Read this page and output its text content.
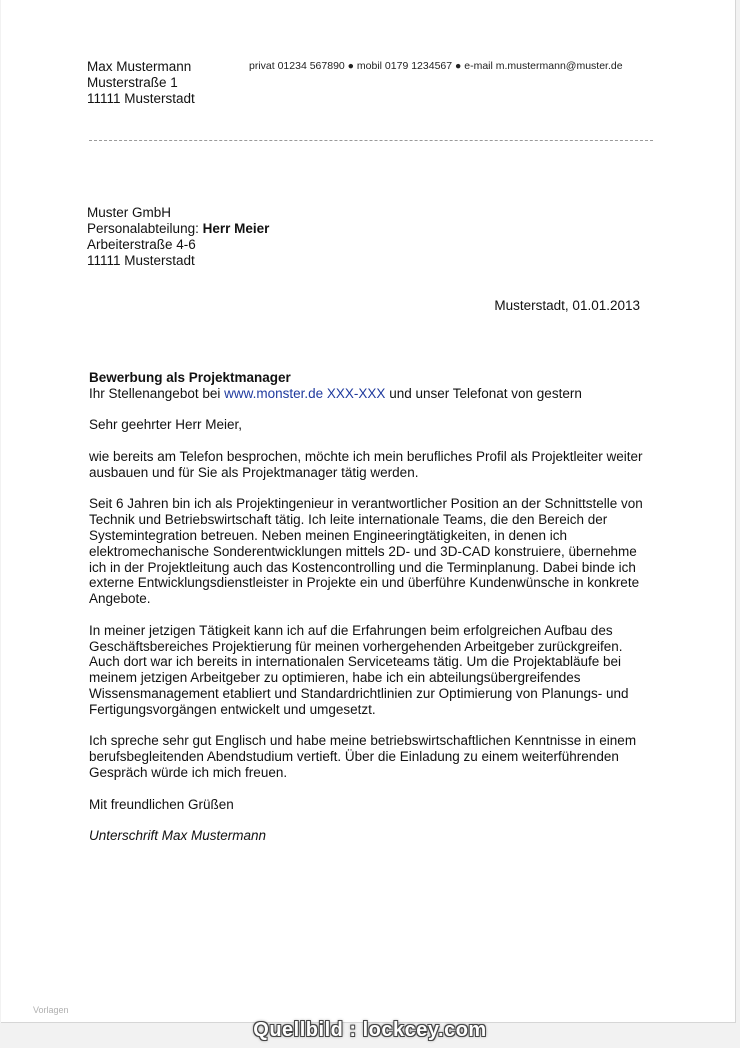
Max Mustermann
Musterstraße 1
11111 Musterstadt
privat 01234 567890 ● mobil 0179 1234567 ● e-mail m.mustermann@muster.de
Muster GmbH
Personalabteilung: Herr Meier
Arbeiterstraße 4-6
11111 Musterstadt
Musterstadt, 01.01.2013

Bewerbung als Projektmanager

Ihr Stellenangebot bei www.monster.de XXX-XXX und unser Telefonat von gestern

Sehr geehrter Herr Meier,

wie bereits am Telefon besprochen, möchte ich mein berufliches Profil als Projektleiter weiter ausbauen und für Sie als Projektmanager tätig werden.

Seit 6 Jahren bin ich als Projektingenieur in verantwortlicher Position an der Schnittstelle von Technik und Betriebswirtschaft tätig. Ich leite internationale Teams, die den Bereich der Systemintegration betreuen. Neben meinen Engineeringtätigkeiten, in denen ich elektromechanische Sonderentwicklungen mittels 2D- und 3D-CAD konstruiere, übernehme ich in der Projektleitung auch das Kostencontrolling und die Terminplanung. Dabei binde ich externe Entwicklungsdienstleister in Projekte ein und überführe Kundenwünsche in konkrete Angebote.

In meiner jetzigen Tätigkeit kann ich auf die Erfahrungen beim erfolgreichen Aufbau des Geschäftsbereiches Projektierung für meinen vorhergehenden Arbeitgeber zurückgreifen. Auch dort war ich bereits in internationalen Serviceteams tätig. Um die Projektabläufe bei meinem jetzigen Arbeitgeber zu optimieren, habe ich ein abteilungsübergreifendes Wissensmanagement etabliert und Standardrichtlinien zur Optimierung von Planungs- und Fertigungsvorgängen entwickelt und umgesetzt.

Ich spreche sehr gut Englisch und habe meine betriebswirtschaftlichen Kenntnisse in einem berufsbegleitenden Abendstudium vertieft. Über die Einladung zu einem weiterführenden Gespräch würde ich mich freuen.

Mit freundlichen Grüßen

Unterschrift Max Mustermann

Vorlagen
Quellbild : lockcey.com
